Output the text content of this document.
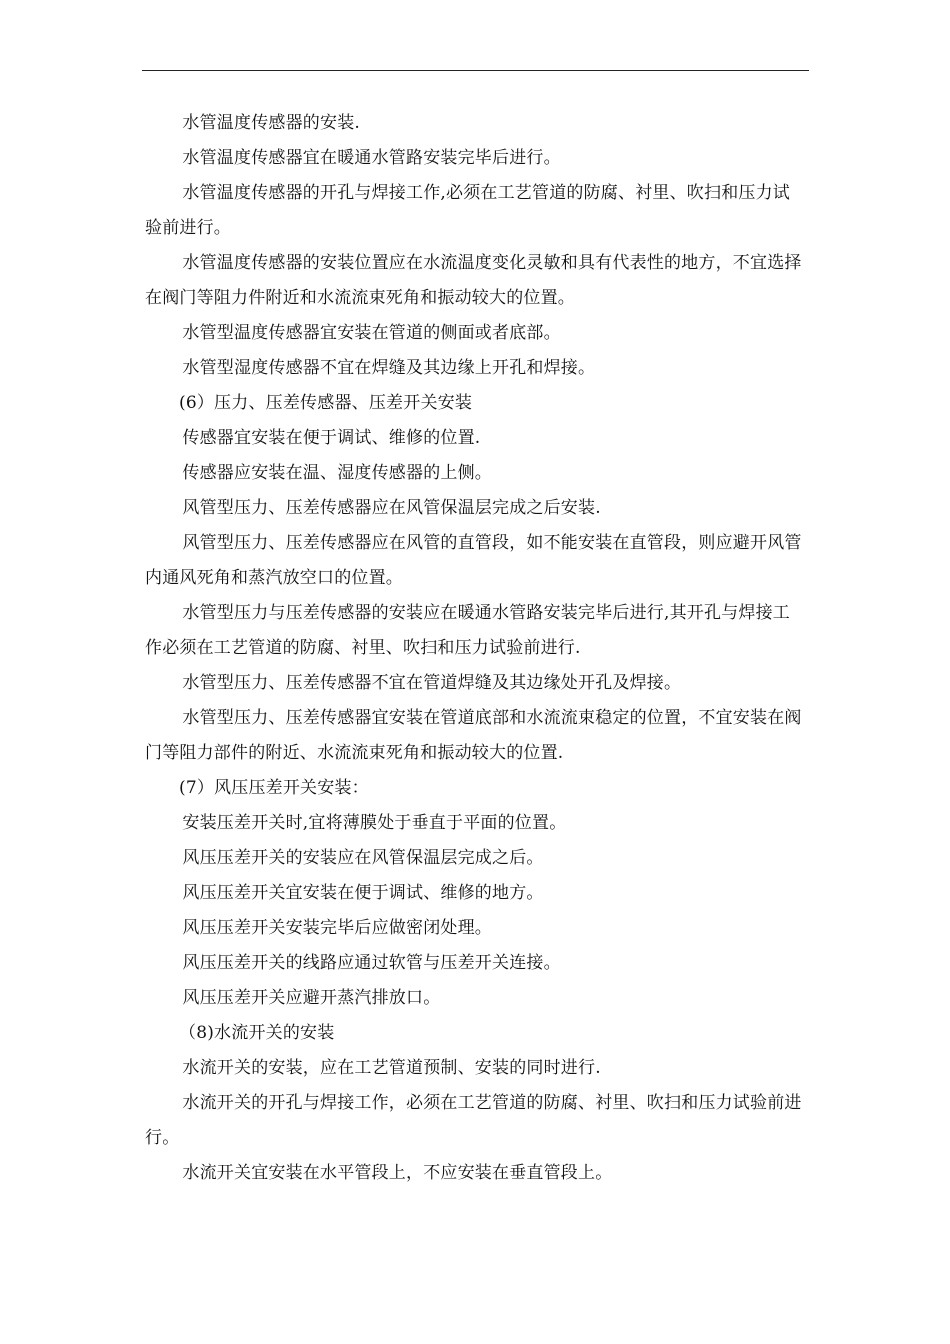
水管温度传感器的安装.

水管温度传感器宜在暖通水管路安装完毕后进行。

水管温度传感器的开孔与焊接工作,必须在工艺管道的防腐、衬里、吹扫和压力试验前进行。

水管温度传感器的安装位置应在水流温度变化灵敏和具有代表性的地方，不宜选择在阀门等阻力件附近和水流流束死角和振动较大的位置。

水管型温度传感器宜安装在管道的侧面或者底部。

水管型湿度传感器不宜在焊缝及其边缘上开孔和焊接。

(6）压力、压差传感器、压差开关安装

传感器宜安装在便于调试、维修的位置.

传感器应安装在温、湿度传感器的上侧。

风管型压力、压差传感器应在风管保温层完成之后安装.

风管型压力、压差传感器应在风管的直管段，如不能安装在直管段，则应避开风管内通风死角和蒸汽放空口的位置。

水管型压力与压差传感器的安装应在暖通水管路安装完毕后进行,其开孔与焊接工作必须在工艺管道的防腐、衬里、吹扫和压力试验前进行.

水管型压力、压差传感器不宜在管道焊缝及其边缘处开孔及焊接。

水管型压力、压差传感器宜安装在管道底部和水流流束稳定的位置，不宜安装在阀门等阻力部件的附近、水流流束死角和振动较大的位置.

(7）风压压差开关安装：

安装压差开关时,宜将薄膜处于垂直于平面的位置。

风压压差开关的安装应在风管保温层完成之后。

风压压差开关宜安装在便于调试、维修的地方。

风压压差开关安装完毕后应做密闭处理。

风压压差开关的线路应通过软管与压差开关连接。

风压压差开关应避开蒸汽排放口。

（8)水流开关的安装

水流开关的安装，应在工艺管道预制、安装的同时进行.

水流开关的开孔与焊接工作，必须在工艺管道的防腐、衬里、吹扫和压力试验前进行。

水流开关宜安装在水平管段上，不应安装在垂直管段上。
